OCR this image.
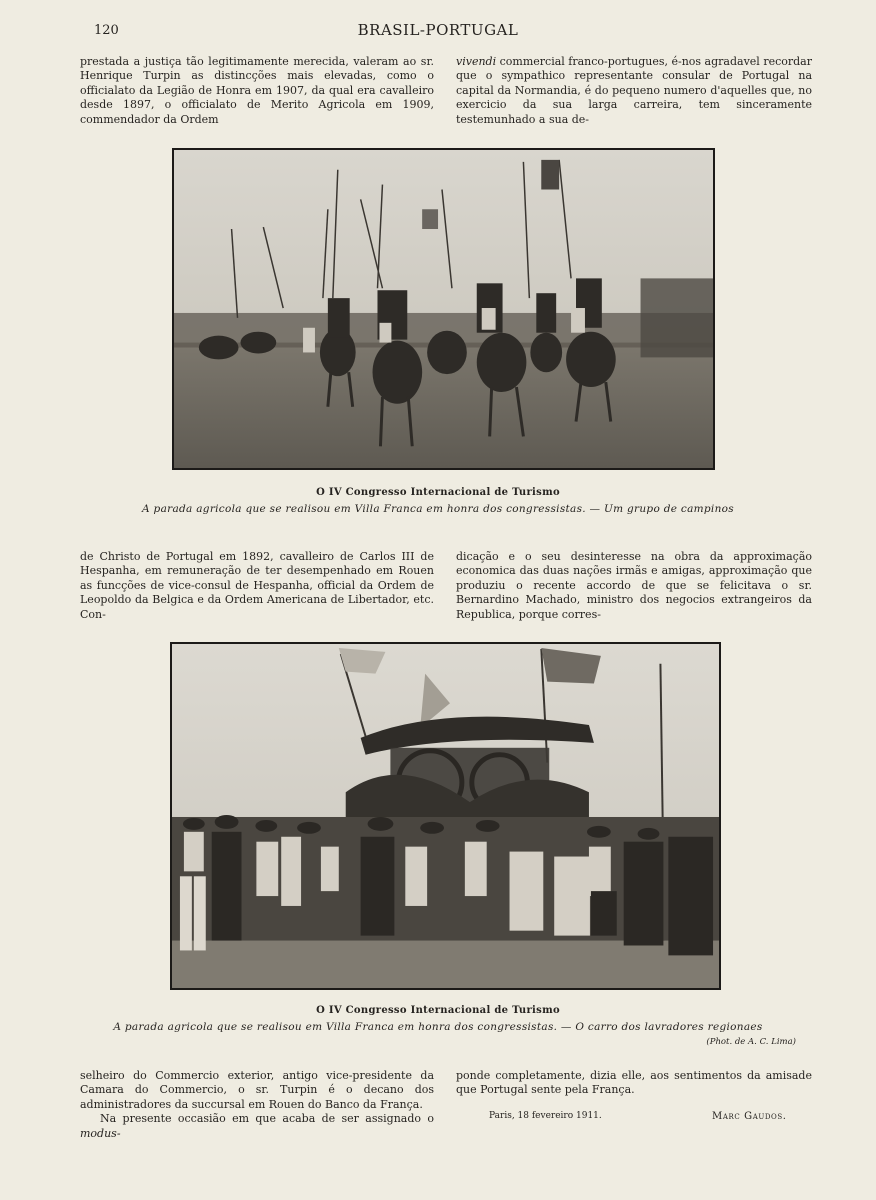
120	BRASIL-PORTUGAL

prestada a justiça tão legitimamente merecida, valeram ao sr. Henrique Turpin as distincções mais elevadas, como o officialato da Legião de Honra em 1907, da qual era cavalleiro desde 1897, o officialato de Merito Agricola em 1909, commendador da Ordem

vivendi commercial franco-portugues, é-nos agradavel recordar que o sympathico representante consular de Portugal na capital da Normandia, é do pequeno numero d'aquelles que, no exercicio da sua larga carreira, tem sinceramente testemunhado a sua de-

O IV Congresso Internacional de Turismo
A parada agricola que se realisou em Villa Franca em honra dos congressistas. — Um grupo de campinos

de Christo de Portugal em 1892, cavalleiro de Carlos III de Hespanha, em remuneração de ter desempenhado em Rouen as funcções de vice-consul de Hespanha, official da Ordem de Leopoldo da Belgica e da Ordem Americana de Libertador, etc. Con-

dicação e o seu desinteresse na obra da approximação economica das duas nações irmãs e amigas, approximação que produziu o recente accordo de que se felicitava o sr. Bernardino Machado, ministro dos negocios extrangeiros da Republica, porque corres-

O IV Congresso Internacional de Turismo
A parada agricola que se realisou em Villa Franca em honra dos congressistas. — O carro dos lavradores regionaes
(Phot. de A. C. Lima)

selheiro do Commercio exterior, antigo vice-presidente da Camara do Commercio, o sr. Turpin é o decano dos administradores da succursal em Rouen do Banco da França.

Na presente occasião em que acaba de ser assignado o modus-

ponde completamente, dizia elle, aos sentimentos da amisade que Portugal sente pela França.

Paris, 18 fevereiro 1911.	Marc Gaudos.
